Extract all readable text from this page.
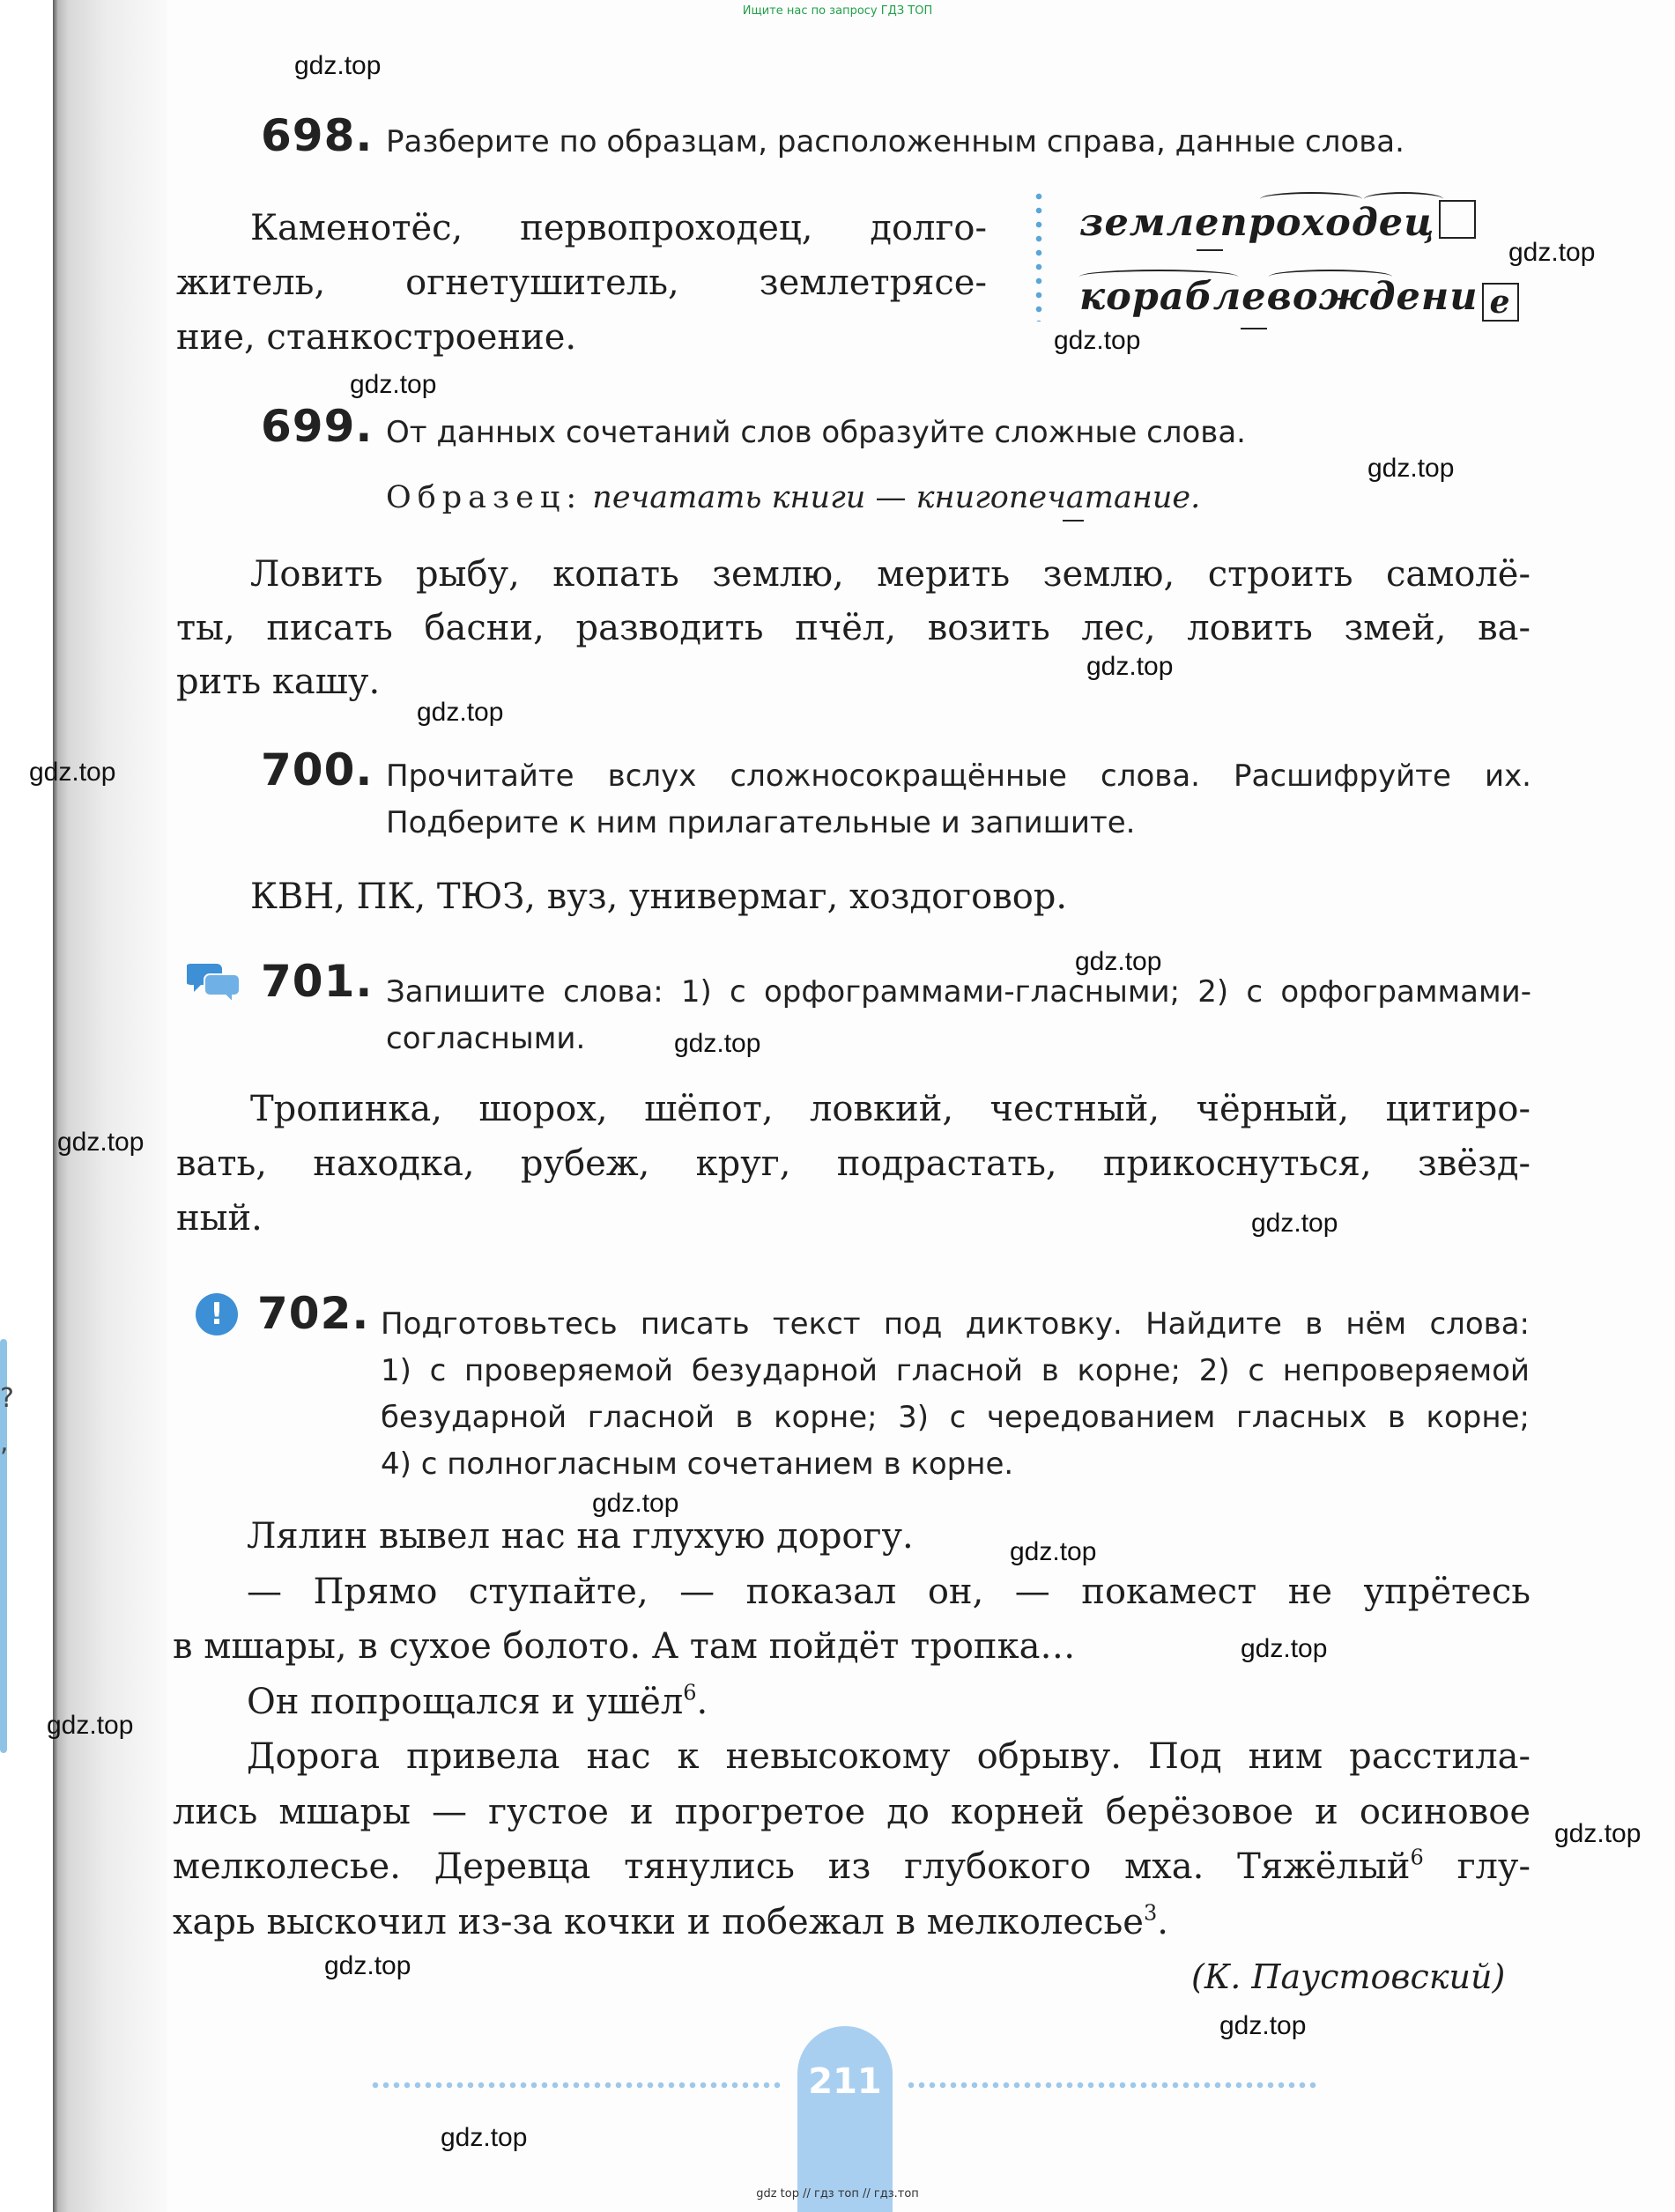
?
,
Ищите нас по запросу ГДЗ ТОП
gdz.top
gdz.top
gdz.top
gdz.top
gdz.top
gdz.top
gdz.top
gdz.top
gdz.top
gdz.top
gdz.top
gdz.top
gdz.top
gdz.top
gdz.top
gdz.top
gdz.top
gdz.top
gdz.top
gdz.top
698. Разберите по образцам, расположенным справа, данные слова.
Каменотёс, первопроходец, долго-
житель, огнетушитель, землетрясе-
ние, станкостроение.
землепроходец
кораблевождени е
699. От данных сочетаний слов образуйте сложные слова.
Образец: печатать книги — книгопечатание.
Ловить рыбу, копать землю, мерить землю, строить самолё-
ты, писать басни, разводить пчёл, возить лес, ловить змей, ва-
рить кашу.
700. Прочитайте вслух сложносокращённые слова. Расшифруйте их.
Подберите к ним прилагательные и запишите.
КВН, ПК, ТЮЗ, вуз, универмаг, хоздоговор.
701. Запишите слова: 1) с орфограммами-гласными; 2) с орфограммами-
согласными.
Тропинка, шорох, шёпот, ловкий, честный, чёрный, цитиро-
вать, находка, рубеж, круг, подрастать, прикоснуться, звёзд-
ный.
! 702. Подготовьтесь писать текст под диктовку. Найдите в нём слова:
1) с проверяемой безударной гласной в корне; 2) с непроверяемой
безударной гласной в корне; 3) с чередованием гласных в корне;
4) с полногласным сочетанием в корне.
Лялин вывел нас на глухую дорогу.
— Прямо ступайте, — показал он, — покамест не упрётесь
в мшары, в сухое болото. А там пойдёт тропка…
Он попрощался и ушёл$^6$.
Дорога привела нас к невысокому обрыву. Под ним расстила-
лись мшары — густое и прогретое до корней берёзовое и осиновое
мелколесье. Деревца тянулись из глубокого мха. Тяжёлый$^6$ глу-
харь выскочил из-за кочки и побежал в мелколесье$^3$.
(К. Паустовский)
211
gdz top // гдз топ // гдз.топ
